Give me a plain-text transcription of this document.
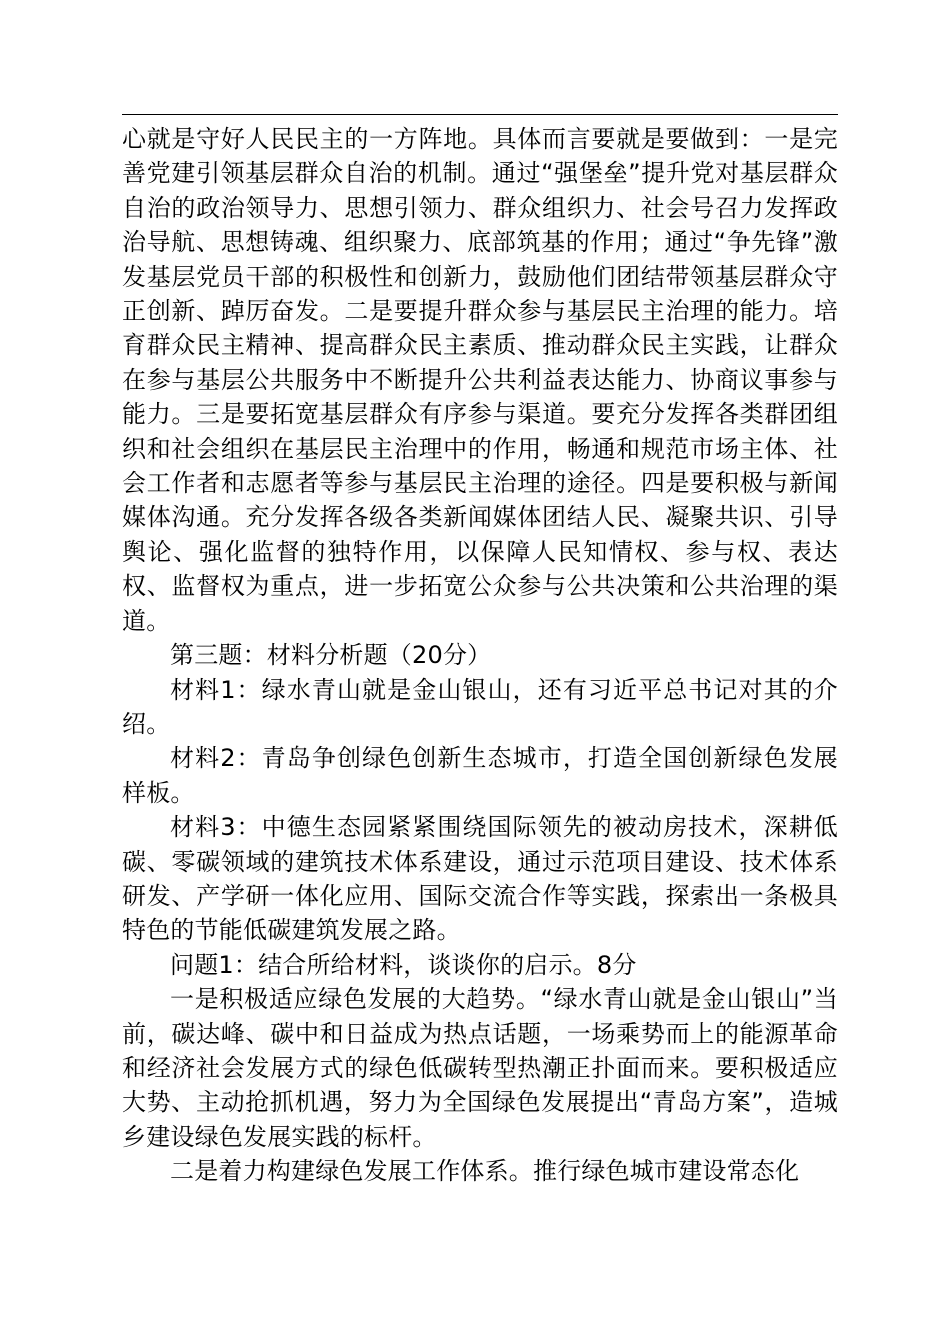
心就是守好人民民主的一方阵地。具体而言要就是要做到：一是完善党建引领基层群众自治的机制。通过“强堡垒”提升党对基层群众自治的政治领导力、思想引领力、群众组织力、社会号召力发挥政治导航、思想铸魂、组织聚力、底部筑基的作用；通过“争先锋”激发基层党员干部的积极性和创新力，鼓励他们团结带领基层群众守正创新、踔厉奋发。二是要提升群众参与基层民主治理的能力。培育群众民主精神、提高群众民主素质、推动群众民主实践，让群众在参与基层公共服务中不断提升公共利益表达能力、协商议事参与能力。三是要拓宽基层群众有序参与渠道。要充分发挥各类群团组织和社会组织在基层民主治理中的作用，畅通和规范市场主体、社会工作者和志愿者等参与基层民主治理的途径。四是要积极与新闻媒体沟通。充分发挥各级各类新闻媒体团结人民、凝聚共识、引导舆论、强化监督的独特作用，以保障人民知情权、参与权、表达权、监督权为重点，进一步拓宽公众参与公共决策和公共治理的渠道。

第三题：材料分析题（20分）

材料1：绿水青山就是金山银山，还有习近平总书记对其的介绍。

材料2：青岛争创绿色创新生态城市，打造全国创新绿色发展样板。

材料3：中德生态园紧紧围绕国际领先的被动房技术，深耕低碳、零碳领域的建筑技术体系建设，通过示范项目建设、技术体系研发、产学研一体化应用、国际交流合作等实践，探索出一条极具特色的节能低碳建筑发展之路。

问题1：结合所给材料，谈谈你的启示。8分

一是积极适应绿色发展的大趋势。“绿水青山就是金山银山”当前，碳达峰、碳中和日益成为热点话题，一场乘势而上的能源革命和经济社会发展方式的绿色低碳转型热潮正扑面而来。要积极适应大势、主动抢抓机遇，努力为全国绿色发展提出“青岛方案”，造城乡建设绿色发展实践的标杆。

二是着力构建绿色发展工作体系。推行绿色城市建设常态化
